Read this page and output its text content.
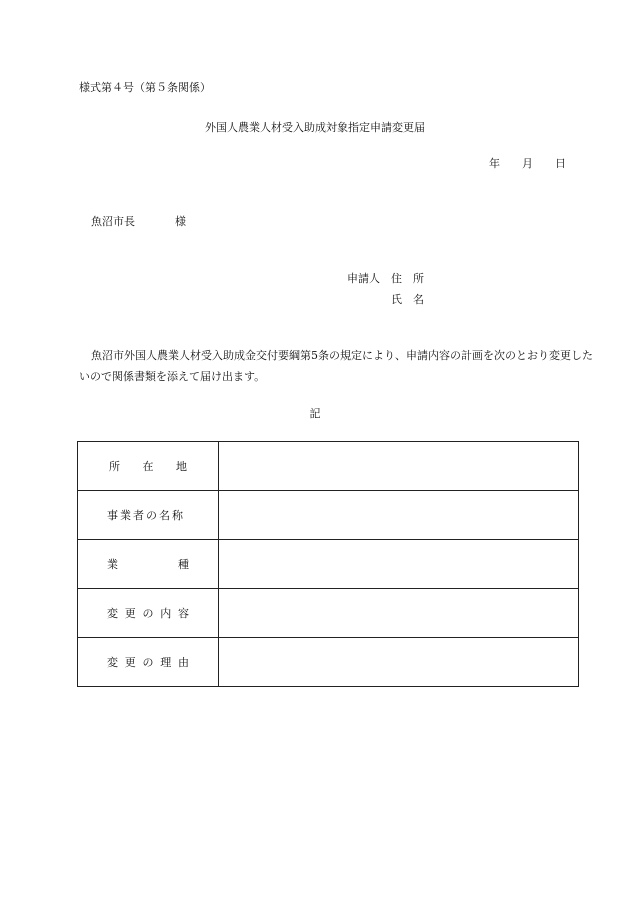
様式第４号（第５条関係）
外国人農業人材受入助成対象指定申請変更届
年 月 日
魚沼市長	様
申請人 住　所
氏　名
魚沼市外国人農業人材受入助成金交付要綱第5条の規定により、申請内容の計画を次のとおり変更した
いので関係書類を添えて届け出ます。
記
所 在 地	

事業者の名称	

業 種	

変 更 の 内 容	

変 更 の 理 由	
